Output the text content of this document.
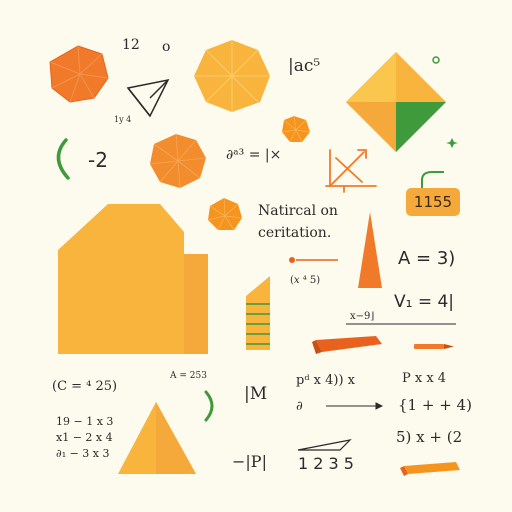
12 o
1y 4
|ac⁵
-2	∂ᵃ³ = |×
1155
Natircal on
ceritation.
A = 3)
(𝑥 ⁴ 5)
V₁ = 4|
x−9⌋
(C = ⁴ 25)
A = 253
|M
pᵈ x 4)) x
∂
P x x 4
19 − 1 x 3
x1 − 2 x 4
∂₁ − 3 x 3
{1 + + 4)
5) x + (2
−|P| 1 2 3 5
